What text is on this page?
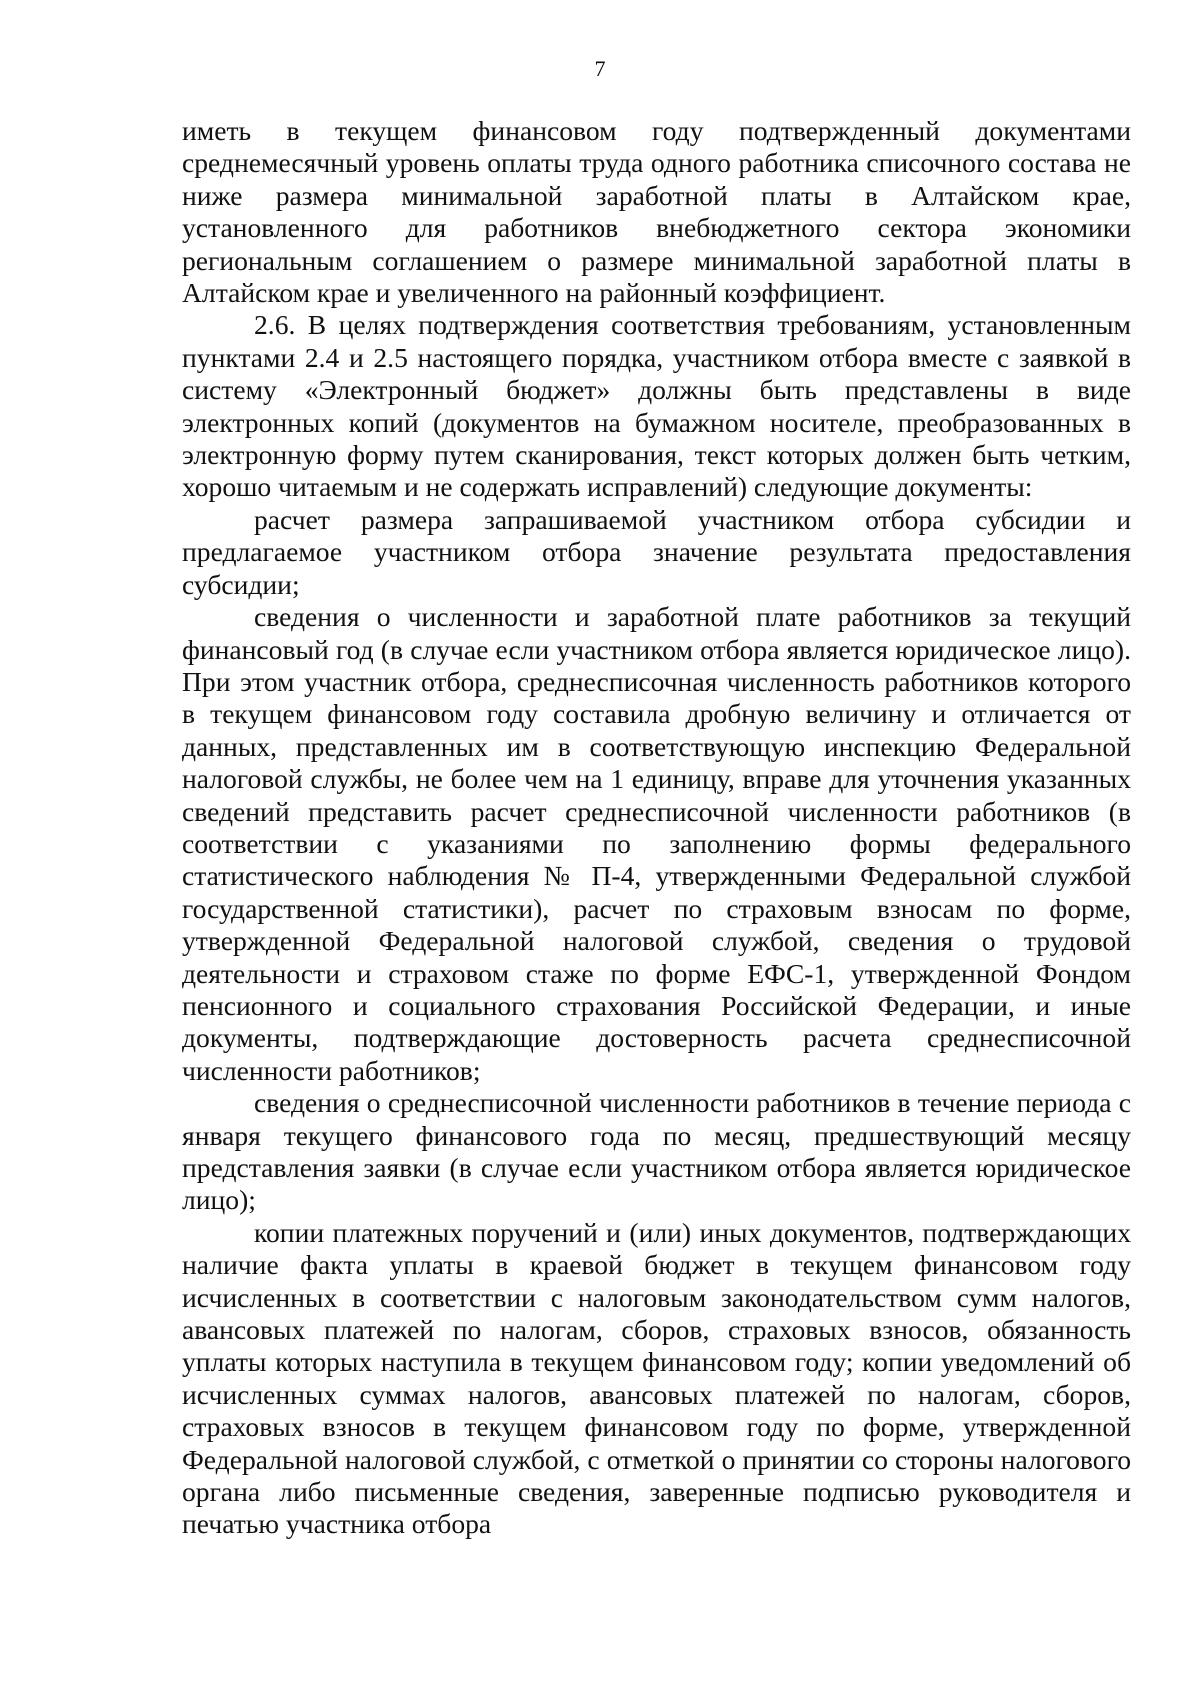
7

иметь в текущем финансовом году подтвержденный документами среднемесячный уровень оплаты труда одного работника списочного состава не ниже размера минимальной заработной платы в Алтайском крае, установленного для работников внебюджетного сектора экономики региональным соглашением о размере минимальной заработной платы в Алтайском крае и увеличенного на районный коэффициент.

2.6. В целях подтверждения соответствия требованиям, установленным пунктами 2.4 и 2.5 настоящего порядка, участником отбора вместе с заявкой в систему «Электронный бюджет» должны быть представлены в виде электронных копий (документов на бумажном носителе, преобразованных в электронную форму путем сканирования, текст которых должен быть четким, хорошо читаемым и не содержать исправлений) следующие документы:

расчет размера запрашиваемой участником отбора субсидии и предлагаемое участником отбора значение результата предоставления субсидии;

сведения о численности и заработной плате работников за текущий финансовый год (в случае если участником отбора является юридическое лицо). При этом участник отбора, среднесписочная численность работников которого в текущем финансовом году составила дробную величину и отличается от данных, представленных им в соответствующую инспекцию Федеральной налоговой службы, не более чем на 1 единицу, вправе для уточнения указанных сведений представить расчет среднесписочной численности работников (в соответствии с указаниями по заполнению формы федерального статистического наблюдения № П-4, утвержденными Федеральной службой государственной статистики), расчет по страховым взносам по форме, утвержденной Федеральной налоговой службой, сведения о трудовой деятельности и страховом стаже по форме ЕФС-1, утвержденной Фондом пенсионного и социального страхования Российской Федерации, и иные документы, подтверждающие достоверность расчета среднесписочной численности работников;

сведения о среднесписочной численности работников в течение периода с января текущего финансового года по месяц, предшествующий месяцу представления заявки (в случае если участником отбора является юридическое лицо);

копии платежных поручений и (или) иных документов, подтверждающих наличие факта уплаты в краевой бюджет в текущем финансовом году исчисленных в соответствии с налоговым законодательством сумм налогов, авансовых платежей по налогам, сборов, страховых взносов, обязанность уплаты которых наступила в текущем финансовом году; копии уведомлений об исчисленных суммах налогов, авансовых платежей по налогам, сборов, страховых взносов в текущем финансовом году по форме, утвержденной Федеральной налоговой службой, с отметкой о принятии со стороны налогового органа либо письменные сведения, заверенные подписью руководителя и печатью участника отбора
